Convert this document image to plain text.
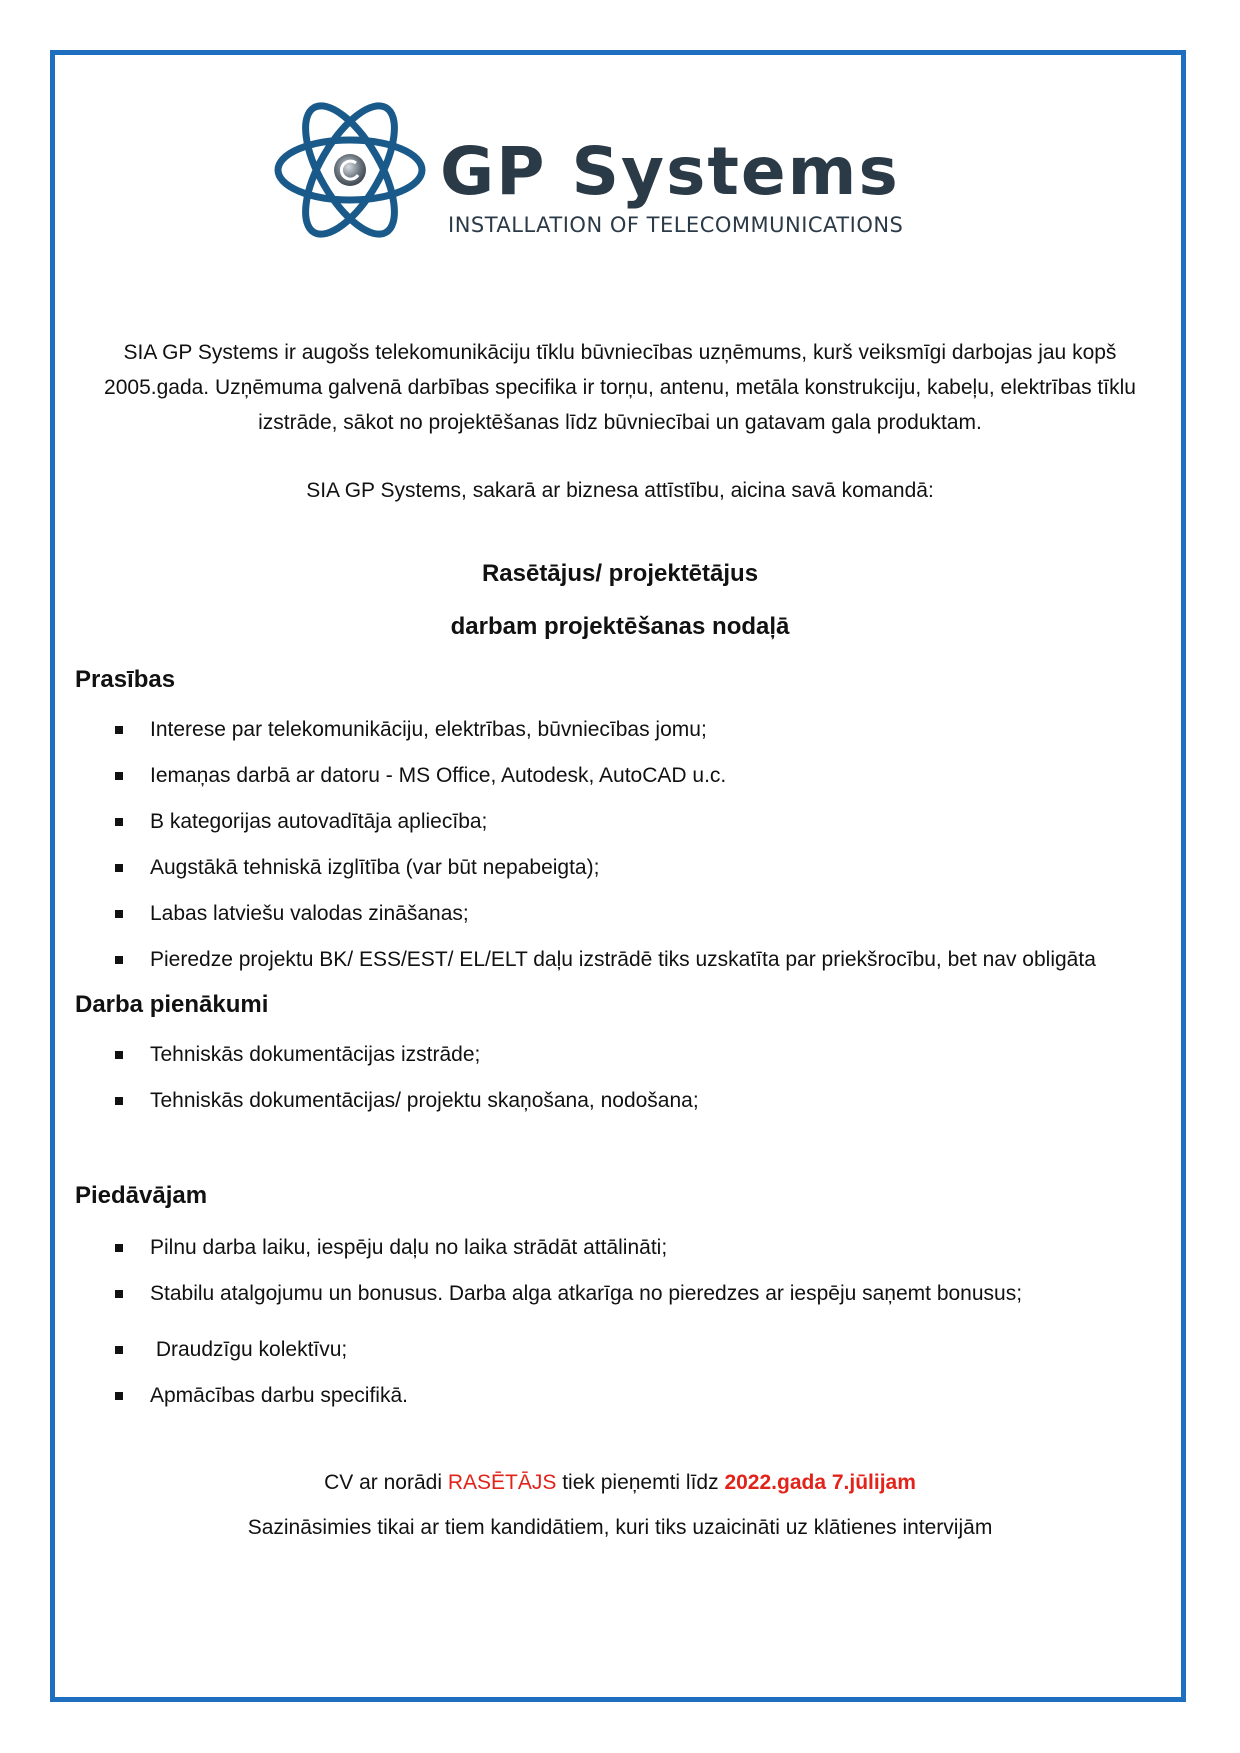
GP Systems
INSTALLATION OF TELECOMMUNICATIONS

SIA GP Systems ir augošs telekomunikāciju tīklu būvniecības uzņēmums, kurš veiksmīgi darbojas jau kopš 2005.gada. Uzņēmuma galvenā darbības specifika ir torņu, antenu, metāla konstrukciju, kabeļu, elektrības tīklu izstrāde, sākot no projektēšanas līdz būvniecībai un gatavam gala produktam.

SIA GP Systems, sakarā ar biznesa attīstību, aicina savā komandā:

Rasētājus/ projektētājus

darbam projektēšanas nodaļā

Prasības

Interese par telekomunikāciju, elektrības, būvniecības jomu;
Iemaņas darbā ar datoru - MS Office, Autodesk, AutoCAD u.c.
B kategorijas autovadītāja apliecība;
Augstākā tehniskā izglītība (var būt nepabeigta);
Labas latviešu valodas zināšanas;
Pieredze projektu BK/ ESS/EST/ EL/ELT daļu izstrādē tiks uzskatīta par priekšrocību, bet nav obligāta

Darba pienākumi

Tehniskās dokumentācijas izstrāde;
Tehniskās dokumentācijas/ projektu skaņošana, nodošana;

Piedāvājam

Pilnu darba laiku, iespēju daļu no laika strādāt attālināti;
Stabilu atalgojumu un bonusus. Darba alga atkarīga no pieredzes ar iespēju saņemt bonusus;
Draudzīgu kolektīvu;
Apmācības darbu specifikā.

CV ar norādi RASĒTĀJS tiek pieņemti līdz 2022.gada 7.jūlijam

Sazināsimies tikai ar tiem kandidātiem, kuri tiks uzaicināti uz klātienes intervijām
